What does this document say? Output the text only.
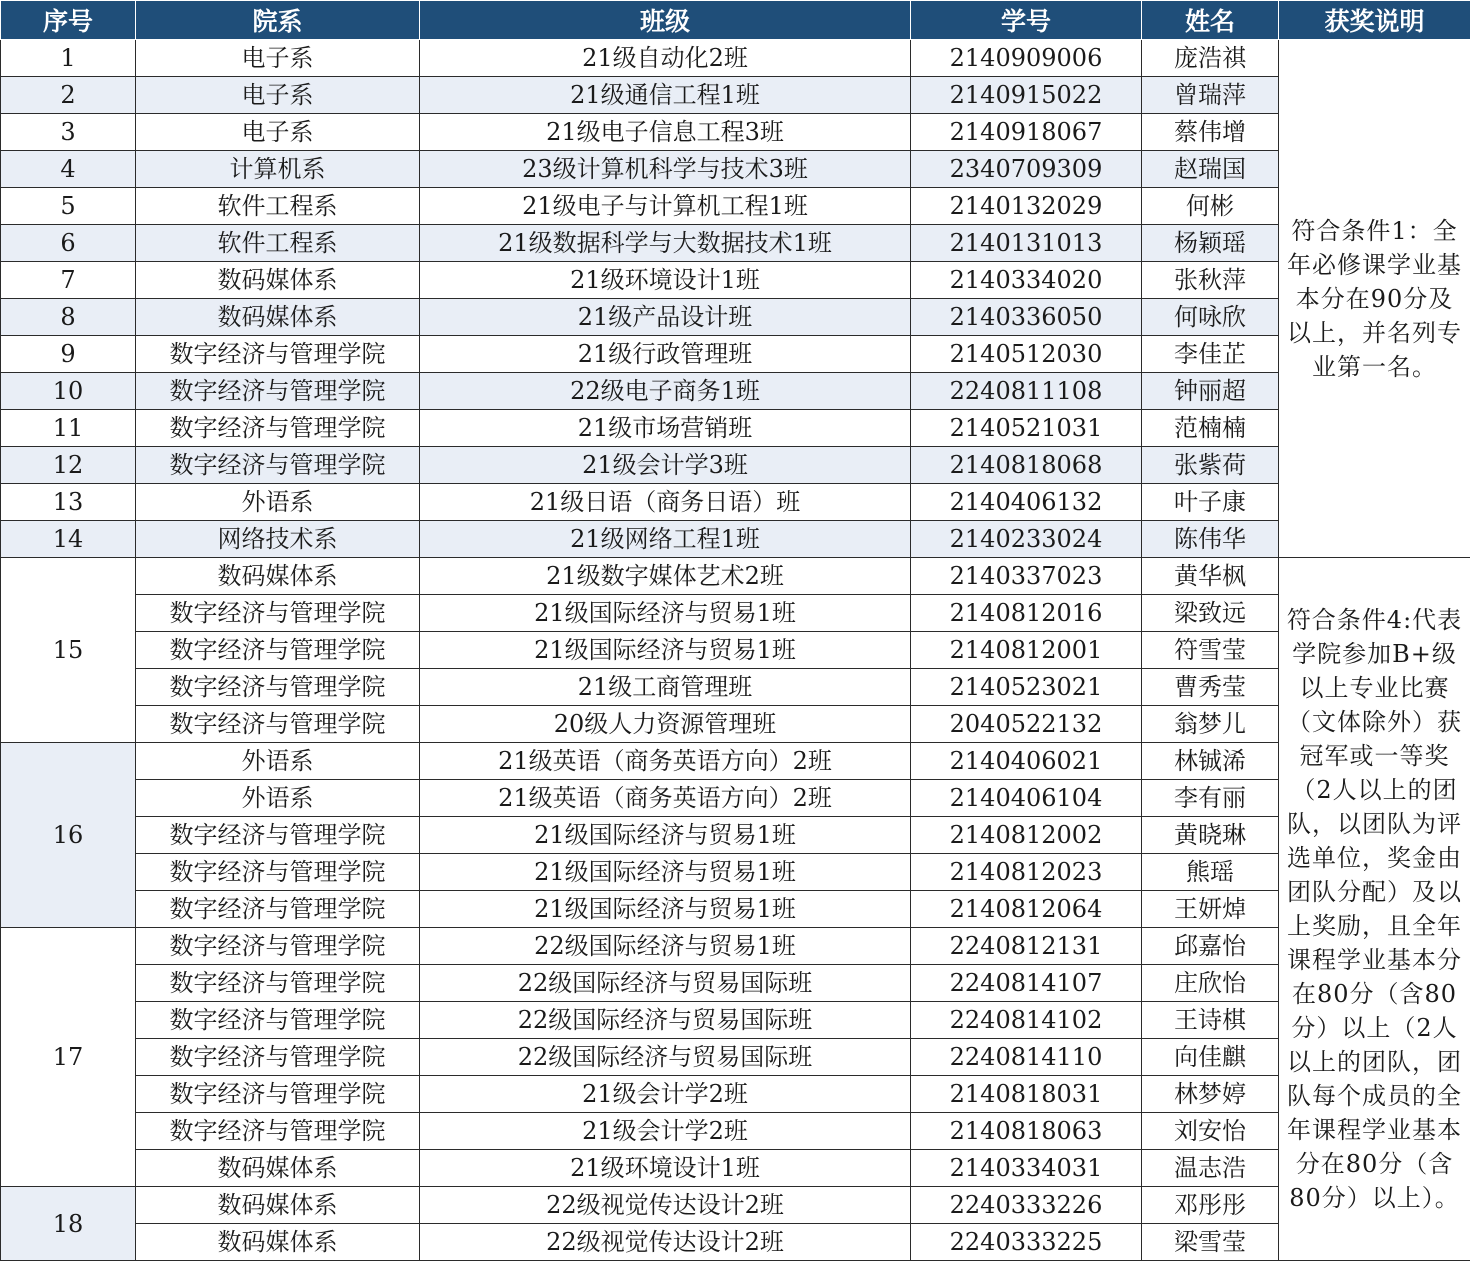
序号	院系	班级	学号	姓名	获奖说明
1	电子系	21级自动化2班	2140909006	庞浩祺	符合条件1：全年必修课学业基本分在90分及以上，并名列专业第一名。
2	电子系	21级通信工程1班	2140915022	曾瑞萍	
3	电子系	21级电子信息工程3班	2140918067	蔡伟增	
4	计算机系	23级计算机科学与技术3班	2340709309	赵瑞国	
5	软件工程系	21级电子与计算机工程1班	2140132029	何彬	
6	软件工程系	21级数据科学与大数据技术1班	2140131013	杨颖瑶	
7	数码媒体系	21级环境设计1班	2140334020	张秋萍	
8	数码媒体系	21级产品设计班	2140336050	何咏欣	
9	数字经济与管理学院	21级行政管理班	2140512030	李佳芷	
10	数字经济与管理学院	22级电子商务1班	2240811108	钟丽超	
11	数字经济与管理学院	21级市场营销班	2140521031	范楠楠	
12	数字经济与管理学院	21级会计学3班	2140818068	张紫荷	
13	外语系	21级日语（商务日语）班	2140406132	叶子康	
14	网络技术系	21级网络工程1班	2140233024	陈伟华	
15	数码媒体系	21级数字媒体艺术2班	2140337023	黄华枫	符合条件4:代表学院参加B+级以上专业比赛（文体除外）获冠军或一等奖（2人以上的团队，以团队为评选单位，奖金由团队分配）及以上奖励，且全年课程学业基本分在80分（含80分）以上（2人以上的团队，团队每个成员的全年课程学业基本分在80分（含80分）以上）。
	数字经济与管理学院	21级国际经济与贸易1班	2140812016	梁致远	
	数字经济与管理学院	21级国际经济与贸易1班	2140812001	符雪莹	
	数字经济与管理学院	21级工商管理班	2140523021	曹秀莹	
	数字经济与管理学院	20级人力资源管理班	2040522132	翁梦儿	
16	外语系	21级英语（商务英语方向）2班	2140406021	林铖浠	
	外语系	21级英语（商务英语方向）2班	2140406104	李有丽	
	数字经济与管理学院	21级国际经济与贸易1班	2140812002	黄晓琳	
	数字经济与管理学院	21级国际经济与贸易1班	2140812023	熊瑶	
	数字经济与管理学院	21级国际经济与贸易1班	2140812064	王妍焯	
17	数字经济与管理学院	22级国际经济与贸易1班	2240812131	邱嘉怡	
	数字经济与管理学院	22级国际经济与贸易国际班	2240814107	庄欣怡	
	数字经济与管理学院	22级国际经济与贸易国际班	2240814102	王诗棋	
	数字经济与管理学院	22级国际经济与贸易国际班	2240814110	向佳麒	
	数字经济与管理学院	21级会计学2班	2140818031	林梦婷	
	数字经济与管理学院	21级会计学2班	2140818063	刘安怡	
	数码媒体系	21级环境设计1班	2140334031	温志浩	
18	数码媒体系	22级视觉传达设计2班	2240333226	邓彤彤	
	数码媒体系	22级视觉传达设计2班	2240333225	梁雪莹	
